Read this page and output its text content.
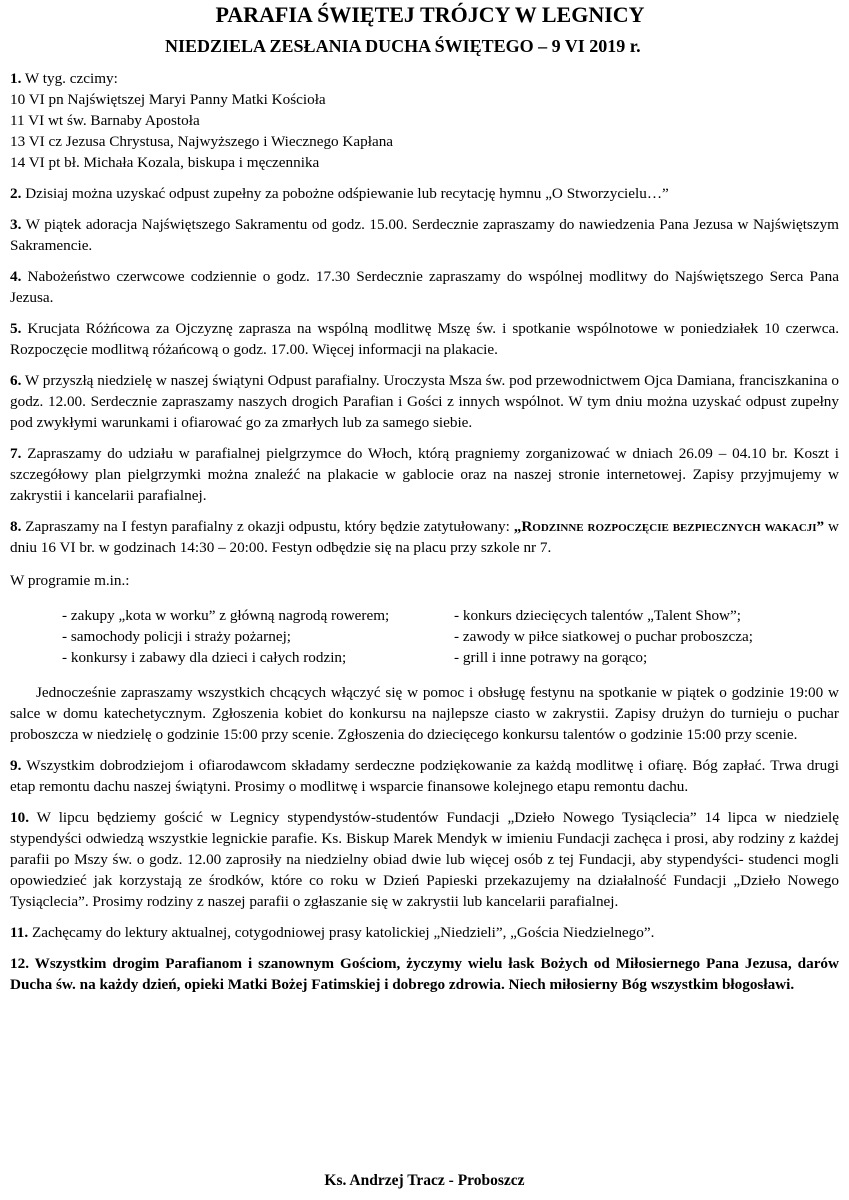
PARAFIA ŚWIĘTEJ TRÓJCY W LEGNICY
NIEDZIELA ZESŁANIA DUCHA ŚWIĘTEGO – 9 VI 2019 r.

1. W tyg. czcimy:

10 VI pn Najświętszej Maryi Panny Matki Kościoła

11 VI wt św. Barnaby Apostoła

13 VI cz Jezusa Chrystusa, Najwyższego i Wiecznego Kapłana

14 VI pt bł. Michała Kozala, biskupa i męczennika

2. Dzisiaj można uzyskać odpust zupełny za pobożne odśpiewanie lub recytację hymnu „O Stworzycielu…”

3. W piątek adoracja Najświętszego Sakramentu od godz. 15.00. Serdecznie zapraszamy do nawiedzenia Pana Jezusa w Najświętszym Sakramencie.

4. Nabożeństwo czerwcowe codziennie o godz. 17.30 Serdecznie zapraszamy do wspólnej modlitwy do Najświętszego Serca Pana Jezusa.

5. Krucjata Różńcowa za Ojczyznę zaprasza na wspólną modlitwę Mszę św. i spotkanie wspólnotowe w poniedziałek 10 czerwca. Rozpoczęcie modlitwą różańcową o godz. 17.00. Więcej informacji na plakacie.

6. W przyszłą niedzielę w naszej świątyni Odpust parafialny. Uroczysta Msza św. pod przewodnictwem Ojca Damiana, franciszkanina o godz. 12.00. Serdecznie zapraszamy naszych drogich Parafian i Gości z innych wspólnot. W tym dniu można uzyskać odpust zupełny pod zwykłymi warunkami i ofiarować go za zmarłych lub za samego siebie.

7. Zapraszamy do udziału w parafialnej pielgrzymce do Włoch, którą pragniemy zorganizować w dniach 26.09 – 04.10 br. Koszt i szczegółowy plan pielgrzymki można znaleźć na plakacie w gablocie oraz na naszej stronie internetowej. Zapisy przyjmujemy w zakrystii i kancelarii parafialnej.

8. Zapraszamy na I festyn parafialny z okazji odpustu, który będzie zatytułowany: „Rodzinne rozpoczęcie bezpiecznych wakacji” w dniu 16 VI br. w godzinach 14:30 – 20:00. Festyn odbędzie się na placu przy szkole nr 7.

W programie m.in.:

- zakupy „kota w worku” z główną nagrodą rowerem;	- konkurs dziecięcych talentów „Talent Show”;
- samochody policji i straży pożarnej;	- zawody w piłce siatkowej o puchar proboszcza;
- konkursy i zabawy dla dzieci i całych rodzin;	- grill i inne potrawy na gorąco;

Jednocześnie zapraszamy wszystkich chcących włączyć się w pomoc i obsługę festynu na spotkanie w piątek o godzinie 19:00 w salce w domu katechetycznym. Zgłoszenia kobiet do konkursu na najlepsze ciasto w zakrystii. Zapisy drużyn do turnieju o puchar proboszcza w niedzielę o godzinie 15:00 przy scenie. Zgłoszenia do dziecięcego konkursu talentów o godzinie 15:00 przy scenie.

9. Wszystkim dobrodziejom i ofiarodawcom składamy serdeczne podziękowanie za każdą modlitwę i ofiarę. Bóg zapłać. Trwa drugi etap remontu dachu naszej świątyni. Prosimy o modlitwę i wsparcie finansowe kolejnego etapu remontu dachu.

10. W lipcu będziemy gościć w Legnicy stypendystów-studentów Fundacji „Dzieło Nowego Tysiąclecia” 14 lipca w niedzielę stypendyści odwiedzą wszystkie legnickie parafie. Ks. Biskup Marek Mendyk w imieniu Fundacji zachęca i prosi, aby rodziny z każdej parafii po Mszy św. o godz. 12.00 zaprosiły na niedzielny obiad dwie lub więcej osób z tej Fundacji, aby stypendyści- studenci mogli opowiedzieć jak korzystają ze środków, które co roku w Dzień Papieski przekazujemy na działalność Fundacji „Dzieło Nowego Tysiąclecia”. Prosimy rodziny z naszej parafii o zgłaszanie się w zakrystii lub kancelarii parafialnej.

11. Zachęcamy do lektury aktualnej, cotygodniowej prasy katolickiej „Niedzieli”, „Gościa Niedzielnego”.

12. Wszystkim drogim Parafianom i szanownym Gościom, życzymy wielu łask Bożych od Miłosiernego Pana Jezusa, darów Ducha św. na każdy dzień, opieki Matki Bożej Fatimskiej i dobrego zdrowia. Niech miłosierny Bóg wszystkim błogosławi.

Ks. Andrzej Tracz - Proboszcz
